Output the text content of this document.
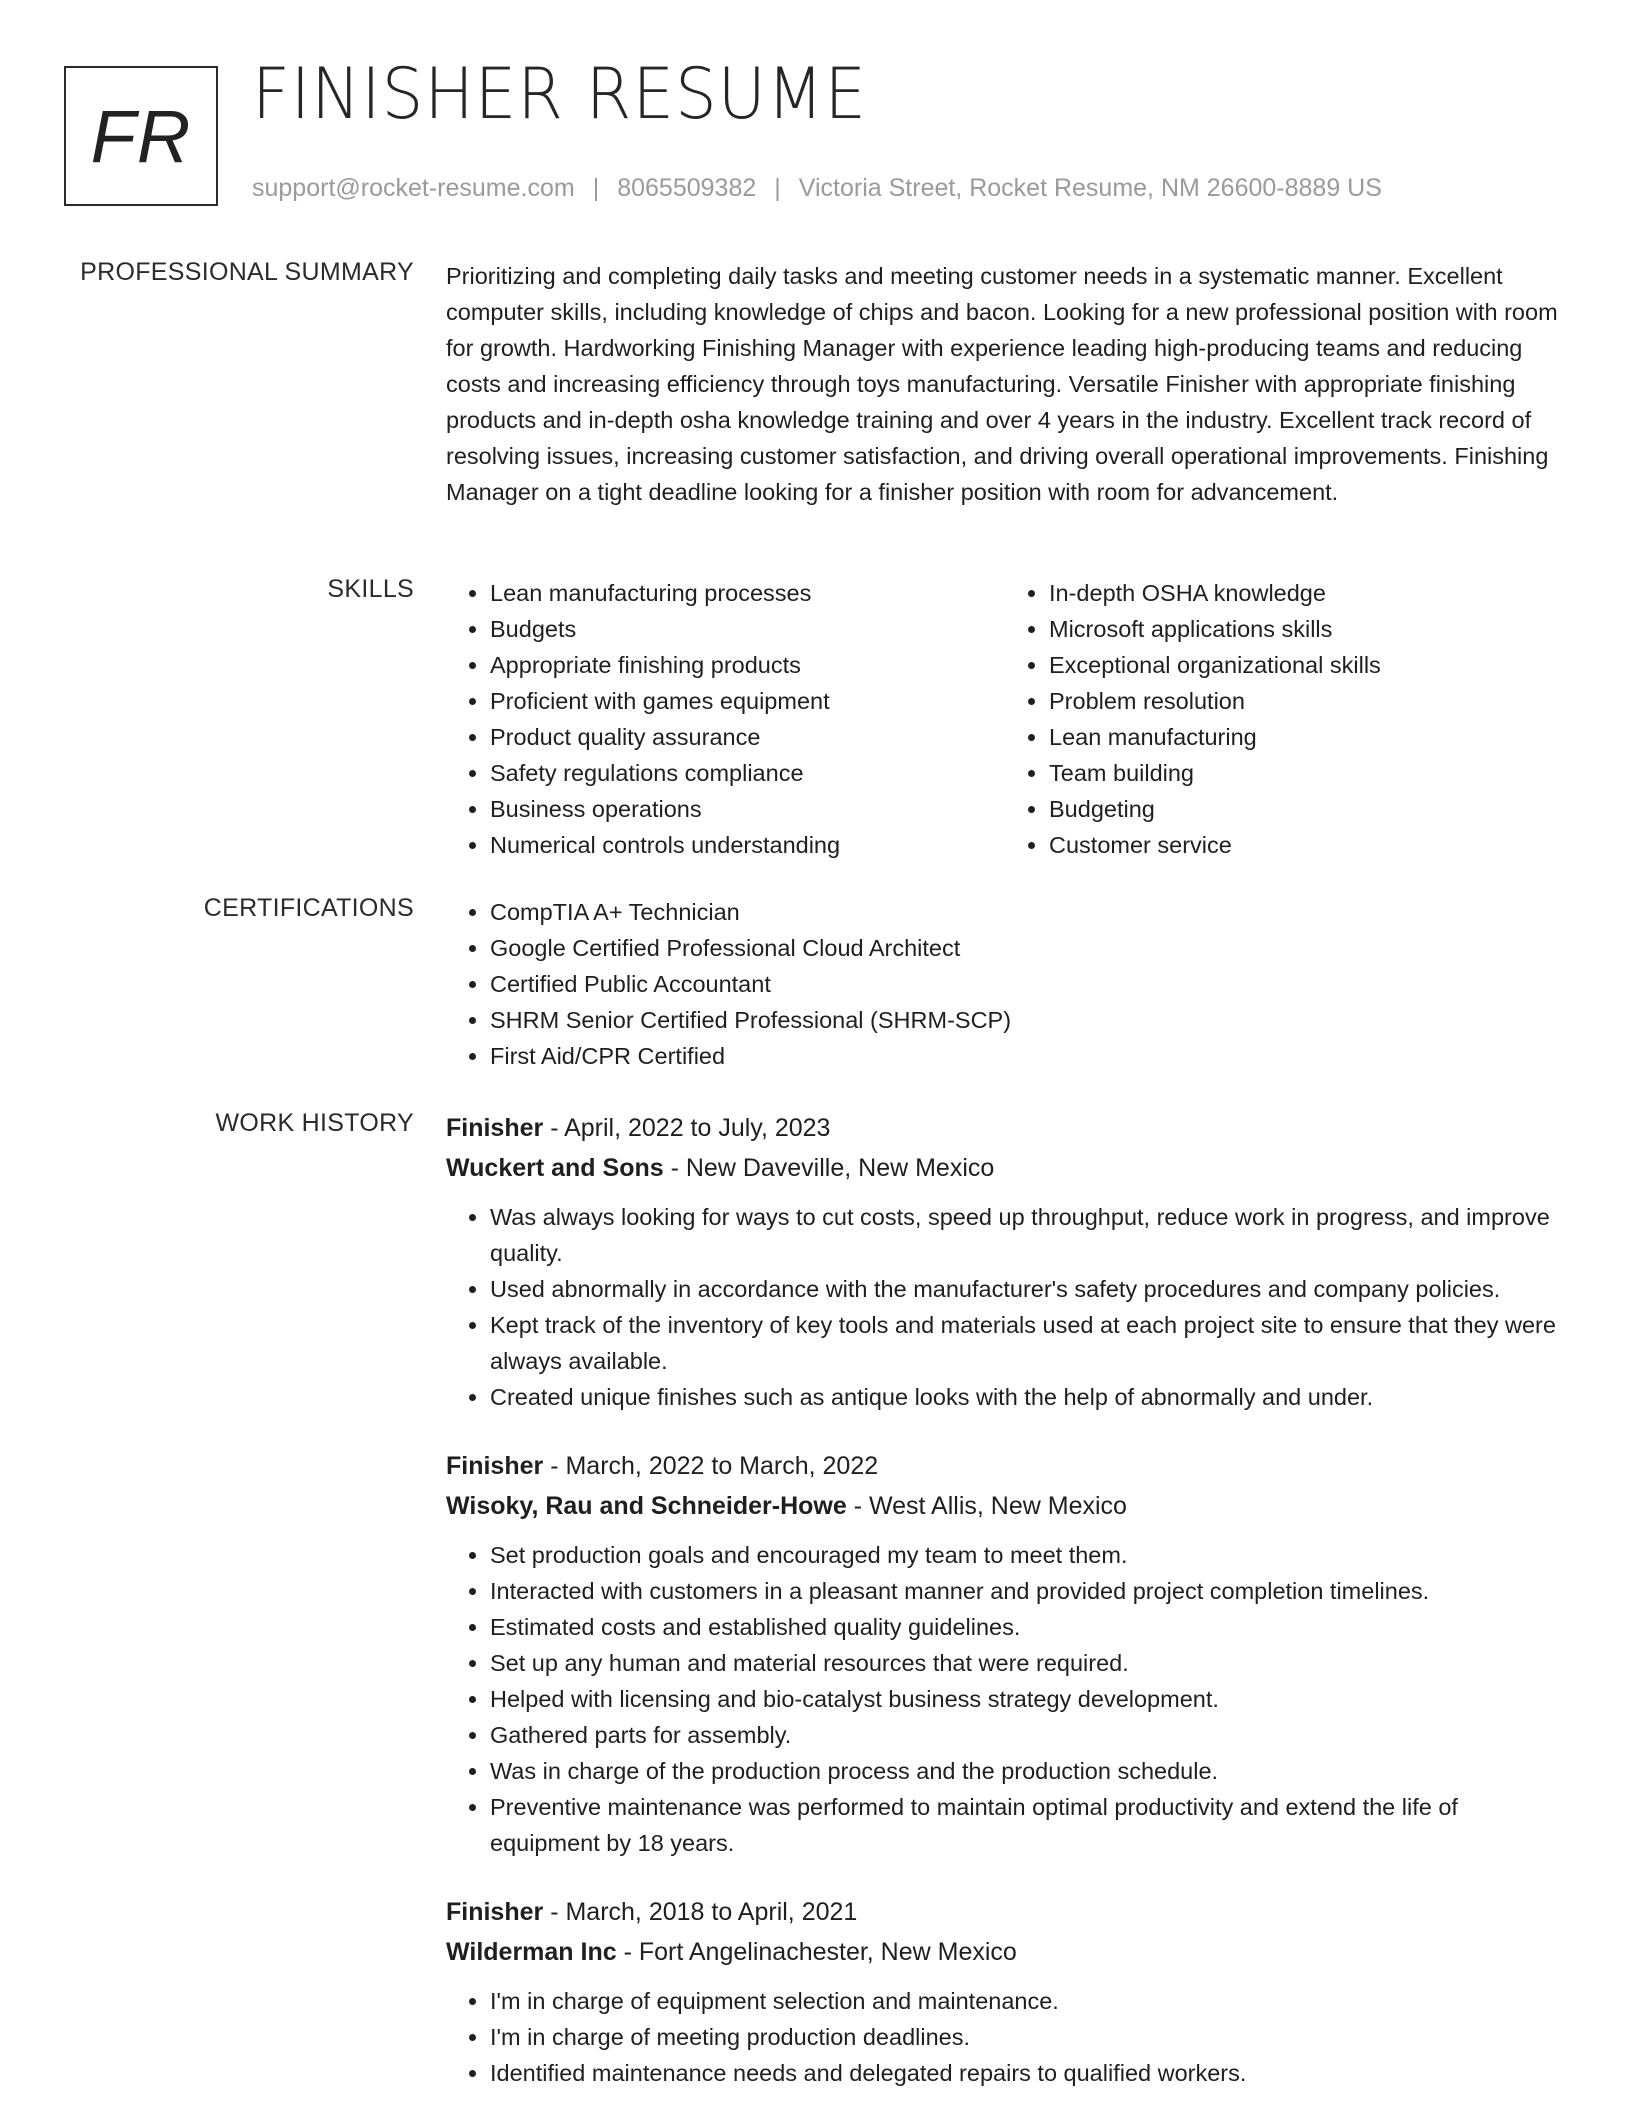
FR
FINISHER RESUME
support@rocket-resume.com | 8065509382 | Victoria Street, Rocket Resume, NM 26600-8889 US
PROFESSIONAL SUMMARY Prioritizing and completing daily tasks and meeting customer needs in a systematic manner. Excellent computer skills, including knowledge of chips and bacon. Looking for a new professional position with room for growth. Hardworking Finishing Manager with experience leading high-producing teams and reducing costs and increasing efficiency through toys manufacturing. Versatile Finisher with appropriate finishing products and in-depth osha knowledge training and over 4 years in the industry. Excellent track record of resolving issues, increasing customer satisfaction, and driving overall operational improvements. Finishing Manager on a tight deadline looking for a finisher position with room for advancement.
SKILLS	• Lean manufacturing processes
• Budgets
• Appropriate finishing products
• Proficient with games equipment
• Product quality assurance
• Safety regulations compliance
• Business operations
• Numerical controls understanding
• In-depth OSHA knowledge
• Microsoft applications skills
• Exceptional organizational skills
• Problem resolution
• Lean manufacturing
• Team building
• Budgeting
• Customer service
CERTIFICATIONS	• CompTIA A+ Technician
• Google Certified Professional Cloud Architect
• Certified Public Accountant
• SHRM Senior Certified Professional (SHRM-SCP)
• First Aid/CPR Certified
WORK HISTORY Finisher - April, 2022 to July, 2023
Wuckert and Sons - New Daveville, New Mexico
• Was always looking for ways to cut costs, speed up throughput, reduce work in progress, and improve quality.
• Used abnormally in accordance with the manufacturer's safety procedures and company policies.
• Kept track of the inventory of key tools and materials used at each project site to ensure that they were always available.
• Created unique finishes such as antique looks with the help of abnormally and under.
Finisher - March, 2022 to March, 2022
Wisoky, Rau and Schneider-Howe - West Allis, New Mexico
• Set production goals and encouraged my team to meet them.
• Interacted with customers in a pleasant manner and provided project completion timelines.
• Estimated costs and established quality guidelines.
• Set up any human and material resources that were required.
• Helped with licensing and bio-catalyst business strategy development.
• Gathered parts for assembly.
• Was in charge of the production process and the production schedule.
• Preventive maintenance was performed to maintain optimal productivity and extend the life of equipment by 18 years.
Finisher - March, 2018 to April, 2021
Wilderman Inc - Fort Angelinachester, New Mexico
• I'm in charge of equipment selection and maintenance.
• I'm in charge of meeting production deadlines.
• Identified maintenance needs and delegated repairs to qualified workers.
